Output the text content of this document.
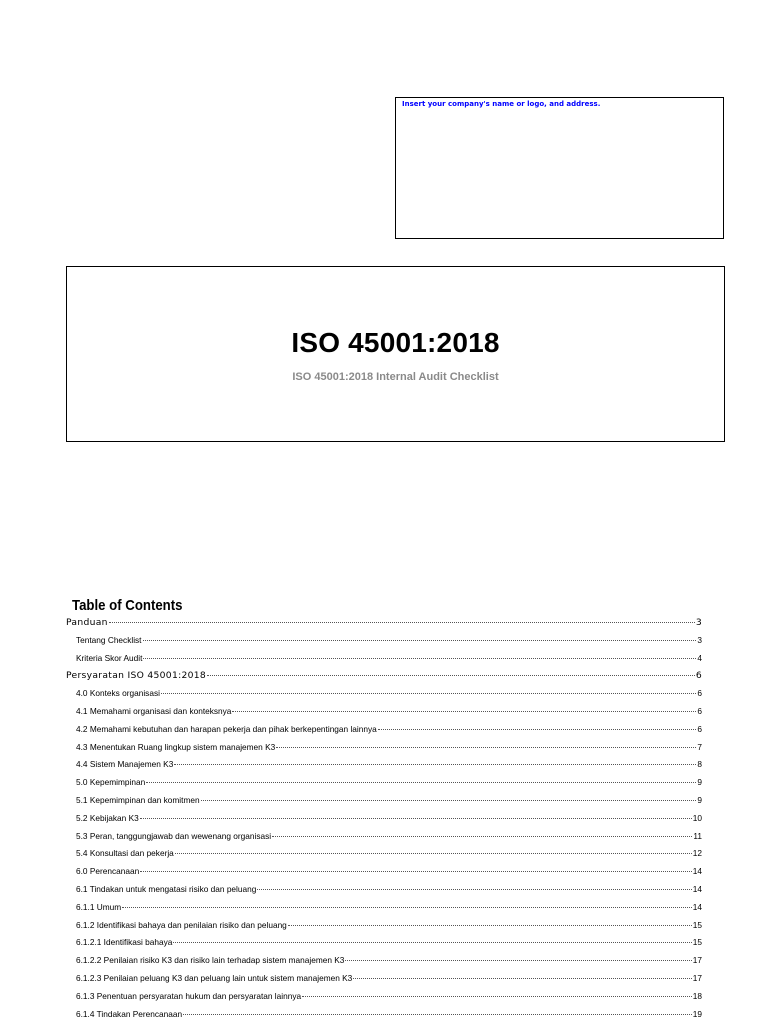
Insert your company's name or logo, and address.
ISO 45001:2018
ISO 45001:2018 Internal Audit Checklist
Table of Contents
Panduan	3
Tentang Checklist	3
Kriteria Skor Audit	4
Persyaratan ISO 45001:2018	6
4.0 Konteks organisasi	6
4.1 Memahami organisasi dan konteksnya	6
4.2 Memahami kebutuhan dan harapan pekerja dan pihak berkepentingan lainnya	6
4.3 Menentukan Ruang lingkup sistem manajemen K3	7
4.4 Sistem Manajemen K3	8
5.0 Kepemimpinan	9
5.1 Kepemimpinan dan komitmen	9
5.2 Kebijakan K3	10
5.3 Peran, tanggungjawab dan wewenang organisasi	11
5.4 Konsultasi dan pekerja	12
6.0 Perencanaan	14
6.1 Tindakan untuk mengatasi risiko dan peluang	14
6.1.1 Umum	14
6.1.2 Identifikasi bahaya dan penilaian risiko dan peluang	15
6.1.2.1 Identifikasi bahaya	15
6.1.2.2 Penilaian risiko K3 dan risiko lain terhadap sistem manajemen K3	17
6.1.2.3 Penilaian peluang K3 dan peluang lain untuk sistem manajemen K3	17
6.1.3 Penentuan persyaratan hukum dan persyaratan lainnya	18
6.1.4 Tindakan Perencanaan	19
